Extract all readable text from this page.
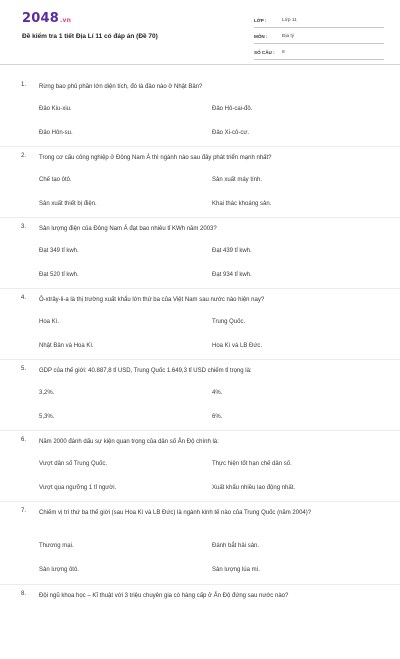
2048.vn
Đề kiểm tra 1 tiết Địa Lí 11 có đáp án (Đề 70)
LỚP :	Lớp 11
MÔN :	Địa lý
SỐ CÂU :	8
1. Rừng bao phủ phần lớn diện tích, đó là đảo nào ở Nhật Bản?
Đảo Kiu-xiu.	Đảo Hô-cai-đô.
Đảo Hôn-su.	Đảo Xi-cô-cư.
2. Trong cơ cấu công nghiệp ở Đông Nam Á thì ngành nào sau đây phát triển mạnh nhất?
Chế tạo ôtô.	Sản xuất máy tính.
Sản xuất thiết bị điện.	Khai thác khoáng sản.
3. Sản lượng điện của Đông Nam Á đạt bao nhiêu tỉ KWh năm 2003?
Đạt 349 tỉ kwh.	Đạt 439 tỉ kwh.
Đạt 520 tỉ kwh.	Đạt 934 tỉ kwh.
4. Ô-xtrây-li-a là thị trường xuất khẩu lớn thứ ba của Việt Nam sau nước nào hiện nay?
Hoa Kì.	Trung Quốc.
Nhật Bản và Hoa Kì.	Hoa Kì và LB Đức.
5. GDP của thế giới: 40.887,8 tỉ USD, Trung Quốc 1.649,3 tỉ USD chiếm tỉ trọng là:
3,2%.	4%.
5,3%.	6%.
6. Năm 2000 đánh dấu sự kiện quan trọng của dân số Ấn Độ chính là:
Vượt dân số Trung Quốc.	Thực hiện tốt hạn chế dân số.
Vượt qua ngưỡng 1 tỉ người.	Xuất khẩu nhiều lao động nhất.
7. Chiếm vị trí thứ ba thế giới (sau Hoa Kì và LB Đức) là ngành kinh tế nào của Trung Quốc (năm 2004)?
Thương mại.	Đánh bắt hải sản.
Sản lượng ôtô.	Sản lượng lúa mì.
8. Đội ngũ khoa học – Kĩ thuật với 3 triệu chuyên gia có hàng cấp ở Ấn Độ đứng sau nước nào?
